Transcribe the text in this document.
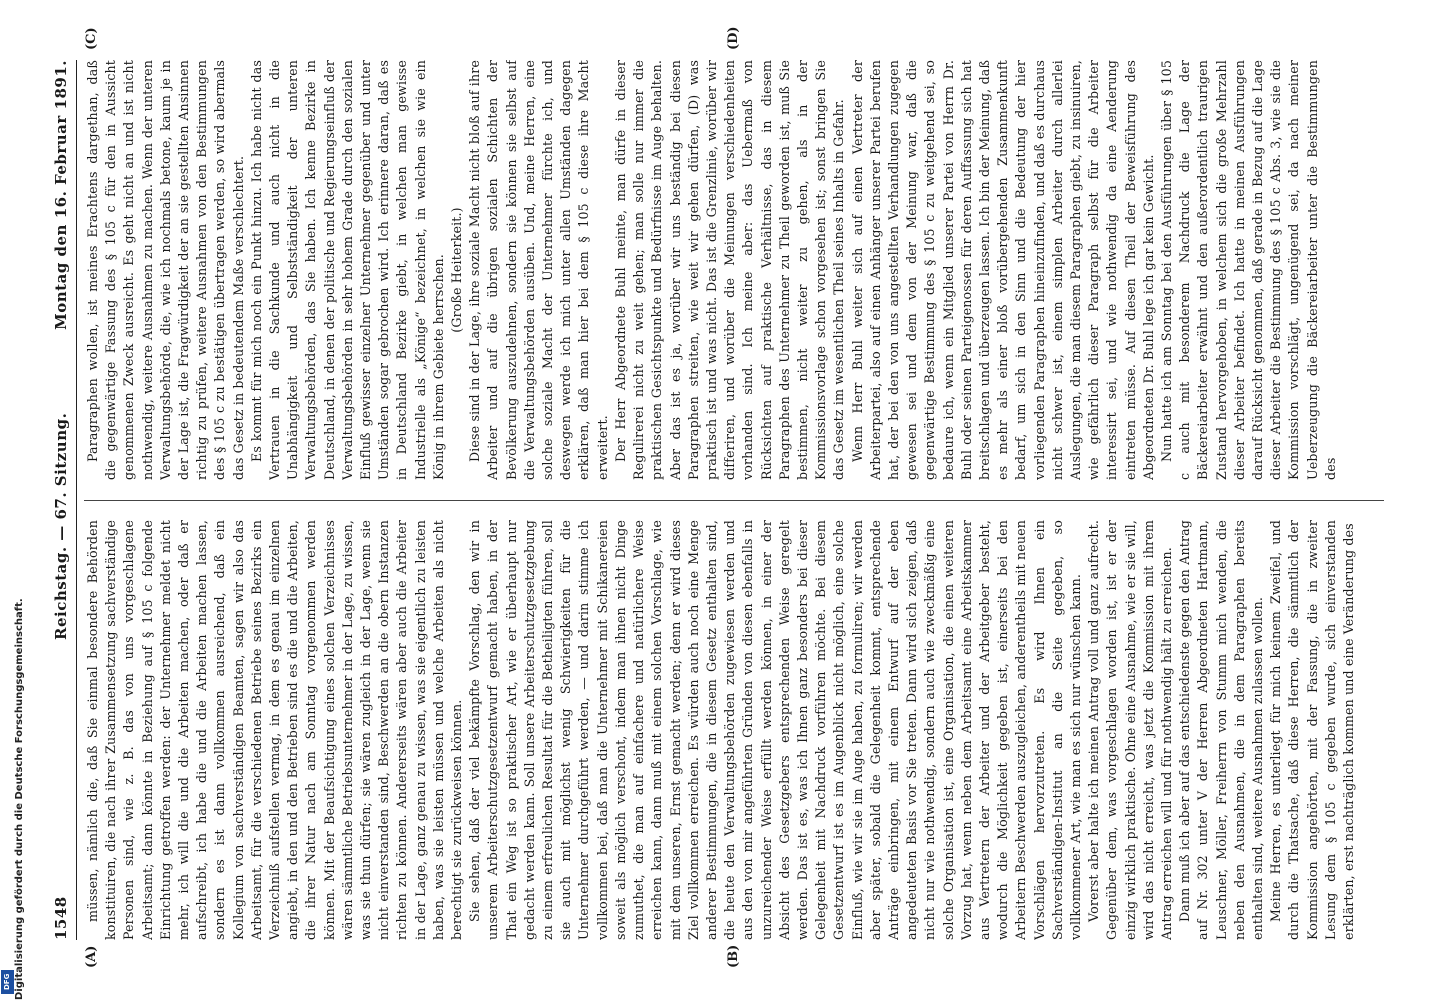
1548
Reichstag. — 67. Sitzung.
Montag den 16. Februar 1891.
(A)	(B)
(C)	(D)

müssen, nämlich die, daß Sie einmal besondere Behörden konstituiren, die nach ihrer Zusammensetzung sachverständige Personen sind, wie z. B. das von uns vorgeschlagene Arbeitsamt; dann könnte in Beziehung auf § 105 c folgende Einrichtung getroffen werden: der Unternehmer meldet nicht mehr, ich will die und die Arbeiten machen, oder daß er aufschreibt, ich habe die und die Arbeiten machen lassen, sondern es ist dann vollkommen ausreichend, daß ein Kollegium von sachverständigen Beamten, sagen wir also das Arbeitsamt, für die verschiedenen Betriebe seines Bezirks ein Verzeichniß aufstellen vermag, in dem es genau im einzelnen angiebt, in den und den Betrieben sind es die und die Arbeiten, die ihrer Natur nach am Sonntag vorgenommen werden können. Mit der Beaufsichtigung eines solchen Verzeichnisses wären sämmtliche Betriebsunternehmer in der Lage, zu wissen, was sie thun dürfen; sie wären zugleich in der Lage, wenn sie nicht einverstanden sind, Beschwerden an die obern Instanzen richten zu können. Andererseits wären aber auch die Arbeiter in der Lage, ganz genau zu wissen, was sie eigentlich zu leisten haben, was sie leisten müssen und welche Arbeiten als nicht berechtigt sie zurückweisen können. Sie sehen, daß der viel bekämpfte Vorschlag, den wir in unserem Arbeiterschutzgesetzentwurf gemacht haben, in der That ein Weg ist so praktischer Art, wie er überhaupt nur gedacht werden kann. Soll unsere Arbeiterschutzgesetzgebung zu einem erfreulichen Resultat für die Betheiligten führen, soll sie auch mit möglichst wenig Schwierigkeiten für die Unternehmer durchgeführt werden, — und darin stimme ich vollkommen bei, daß man die Unternehmer mit Schikanereien soweit als möglich verschont, indem man ihnen nicht Dinge zumuthet, die man auf einfachere und natürlichere Weise erreichen kann, dann muß mit einem solchen Vorschlage, wie mit dem unseren, Ernst gemacht werden; denn er wird dieses Ziel vollkommen erreichen. Es würden auch noch eine Menge anderer Bestimmungen, die in diesem Gesetz enthalten sind, die heute den Verwaltungsbehörden zugewiesen werden und aus den von mir angeführten Gründen von diesen ebenfalls in unzureichender Weise erfüllt werden können, in einer der Absicht des Gesetzgebers entsprechenden Weise geregelt werden. Das ist es, was ich Ihnen ganz besonders bei dieser Gelegenheit mit Nachdruck vorführen möchte. Bei diesem Gesetzentwurf ist es im Augenblick nicht möglich, eine solche Einfluß, wie wir sie im Auge haben, zu formuliren; wir werden aber später, sobald die Gelegenheit kommt, entsprechende Anträge einbringen, mit einem Entwurf auf der eben angedeuteten Basis vor Sie treten. Dann wird sich zeigen, daß nicht nur wie nothwendig, sondern auch wie zweckmäßig eine solche Organisation ist, eine Organisation, die einen weiteren Vorzug hat, wenn neben dem Arbeitsamt eine Arbeitskammer aus Vertretern der Arbeiter und der Arbeitgeber besteht, wodurch die Möglichkeit gegeben ist, einerseits bei den Arbeitern Beschwerden auszugleichen, anderentheils mit neuen Vorschlägen hervorzutreten. Es wird Ihnen ein Sachverständigen-Institut an die Seite gegeben, so vollkommener Art, wie man es sich nur wünschen kann. Vorerst aber halte ich meinen Antrag voll und ganz aufrecht. Gegenüber dem, was vorgeschlagen worden ist, ist er der einzig wirklich praktische. Ohne eine Ausnahme, wie er sie will, wird das nicht erreicht, was jetzt die Kommission mit ihrem Antrag erreichen will und für nothwendig hält zu erreichen. Dann muß ich aber auf das entschiedenste gegen den Antrag auf Nr. 302 unter V der Herren Abgeordneten Hartmann, Leuschner, Möller, Freiherrn von Stumm mich wenden, die neben den Ausnahmen, die in dem Paragraphen bereits enthalten sind, weitere Ausnahmen zulassen wollen. Meine Herren, es unterliegt für mich keinem Zweifel, und durch die Thatsache, daß diese Herren, die sämmtlich der Kommission angehörten, mit der Fassung, die in zweiter Lesung dem § 105 c gegeben wurde, sich einverstanden erklärten, erst nachträglich kommen und eine Veränderung des

Paragraphen wollen, ist meines Erachtens dargethan, daß die gegenwärtige Fassung des § 105 c für den in Aussicht genommenen Zweck ausreicht. Es geht nicht an und ist nicht nothwendig, weitere Ausnahmen zu machen. Wenn der unteren Verwaltungsbehörde, die, wie ich nochmals betone, kaum je in der Lage ist, die Fragwürdigkeit der an sie gestellten Ansinnen richtig zu prüfen, weitere Ausnahmen von den Bestimmungen des § 105 c zu bestätigen übertragen werden, so wird abermals das Gesetz in bedeutendem Maße verschlechtert. Es kommt für mich noch ein Punkt hinzu. Ich habe nicht das Vertrauen in die Sachkunde und auch nicht in die Unabhängigkeit und Selbstständigkeit der unteren Verwaltungsbehörden, das Sie haben. Ich kenne Bezirke in Deutschland, in denen der politische und Regierungseinfluß der Verwaltungsbehörden in sehr hohem Grade durch den sozialen Einfluß gewisser einzelner Unternehmer gegenüber und unter Umständen sogar gebrochen wird. Ich erinnere daran, daß es in Deutschland Bezirke giebt, in welchen man gewisse Industrielle als „Könige“ bezeichnet, in welchen sie wie ein König in ihrem Gebiete herrschen. (Große Heiterkeit.) Diese sind in der Lage, ihre soziale Macht nicht bloß auf ihre Arbeiter und auf die übrigen sozialen Schichten der Bevölkerung auszudehnen, sondern sie können sie selbst auf die Verwaltungsbehörden ausüben. Und, meine Herren, eine solche soziale Macht der Unternehmer fürchte ich, und deswegen werde ich mich unter allen Umständen dagegen erklären, daß man hier bei dem § 105 c diese ihre Macht erweitert. Der Herr Abgeordnete Buhl meinte, man dürfe in dieser Regulirerei nicht zu weit gehen; man solle nur immer die praktischen Gesichtspunkte und Bedürfnisse im Auge behalten. Aber das ist es ja, worüber wir uns beständig bei diesen Paragraphen streiten, wie weit wir gehen dürfen, (D) was praktisch ist und was nicht. Das ist die Grenzlinie, worüber wir differiren, und worüber die Meinungen verschiedenheiten vorhanden sind. Ich meine aber: das Uebermaß von Rücksichten auf praktische Verhältnisse, das in diesem Paragraphen des Unternehmer zu Theil geworden ist, muß Sie bestimmen, nicht weiter zu gehen, als in der Kommissionsvorlage schon vorgesehen ist; sonst bringen Sie das Gesetz im wesentlichen Theil seines Inhalts in Gefahr. Wenn Herr Buhl weiter sich auf einen Vertreter der Arbeiterpartei, also auf einen Anhänger unserer Partei berufen hat, der bei den von uns angestellten Verhandlungen zugegen gewesen sei und dem von der Meinung war, daß die gegenwärtige Bestimmung des § 105 c zu weitgehend sei, so bedaure ich, wenn ein Mitglied unserer Partei von Herrn Dr. Buhl oder seinen Parteigenossen für deren Auffassung sich hat breitschlagen und überzeugen lassen. Ich bin der Meinung, daß es mehr als einer bloß vorübergehenden Zusammenkunft bedarf, um sich in den Sinn und die Bedeutung der hier vorliegenden Paragraphen hineinzufinden, und daß es durchaus nicht schwer ist, einem simplen Arbeiter durch allerlei Auslegungen, die man diesem Paragraphen giebt, zu insinuiren, wie gefährlich dieser Paragraph selbst für die Arbeiter interessirt sei, und wie nothwendig da eine Aenderung eintreten müsse. Auf diesen Theil der Beweisführung des Abgeordneten Dr. Buhl lege ich gar kein Gewicht. Nun hatte ich am Sonntag bei den Ausführungen über § 105 c auch mit besonderem Nachdruck die Lage der Bäckereiarbeiter erwähnt und den außerordentlich traurigen Zustand hervorgehoben, in welchem sich die große Mehrzahl dieser Arbeiter befindet. Ich hatte in meinen Ausführungen darauf Rücksicht genommen, daß gerade in Bezug auf die Lage dieser Arbeiter die Bestimmung des § 105 c Abs. 3, wie sie die Kommission vorschlägt, ungenügend sei, da nach meiner Ueberzeugung die Bäckereiarbeiter unter die Bestimmungen des

Digitalisierung gefördert durch die Deutsche Forschungsgemeinschaft.
DFG
